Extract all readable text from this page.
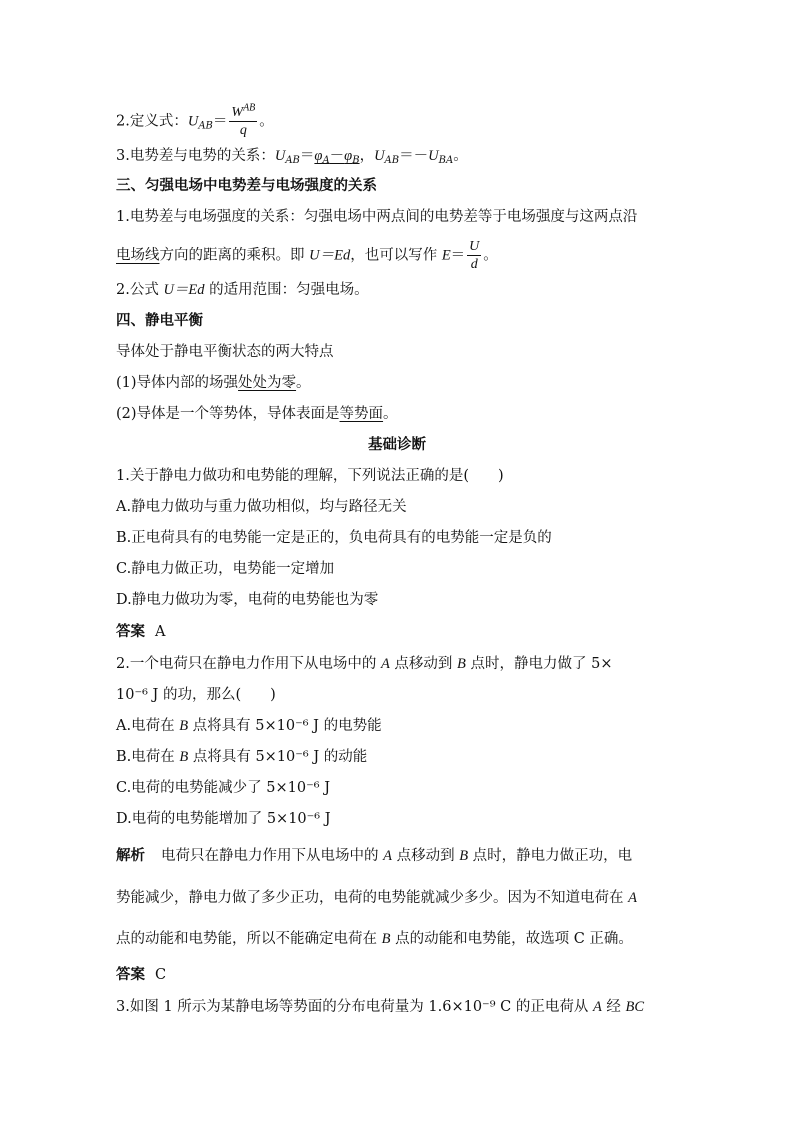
2.定义式：$U_{AB}= \frac{W^{AB}}{q}$ 。
3.电势差与电势的关系：$U_{AB}=\varphi_A-\varphi_B$，$U_{AB}=-U_{BA}$。
三、匀强电场中电势差与电场强度的关系
1.电势差与电场强度的关系：匀强电场中两点间的电势差等于电场强度与这两点沿
电场线方向的距离的乘积。即 U＝Ed，也可以写作 $E= \frac{U}{d}$ 。
2.公式 U＝Ed 的适用范围：匀强电场。
四、静电平衡
导体处于静电平衡状态的两大特点
(1)导体内部的场强处处为零。
(2)导体是一个等势体，导体表面是等势面。
基础诊断
1.关于静电力做功和电势能的理解，下列说法正确的是(　　)
A.静电力做功与重力做功相似，均与路径无关
B.正电荷具有的电势能一定是正的，负电荷具有的电势能一定是负的
C.静电力做正功，电势能一定增加
D.静电力做功为零，电荷的电势能也为零
答案 A
2.一个电荷只在静电力作用下从电场中的 A 点移动到 B 点时，静电力做了 5×
10⁻⁶ J 的功，那么(　　)
A.电荷在 B 点将具有 5×10⁻⁶ J 的电势能
B.电荷在 B 点将具有 5×10⁻⁶ J 的动能
C.电荷的电势能减少了 5×10⁻⁶ J
D.电荷的电势能增加了 5×10⁻⁶ J
解析 电荷只在静电力作用下从电场中的 A 点移动到 B 点时，静电力做正功，电
势能减少，静电力做了多少正功，电荷的电势能就减少多少。因为不知道电荷在 A
点的动能和电势能，所以不能确定电荷在 B 点的动能和电势能，故选项 C 正确。
答案 C
3.如图 1 所示为某静电场等势面的分布电荷量为 1.6×10⁻⁹ C 的正电荷从 A 经 BC
